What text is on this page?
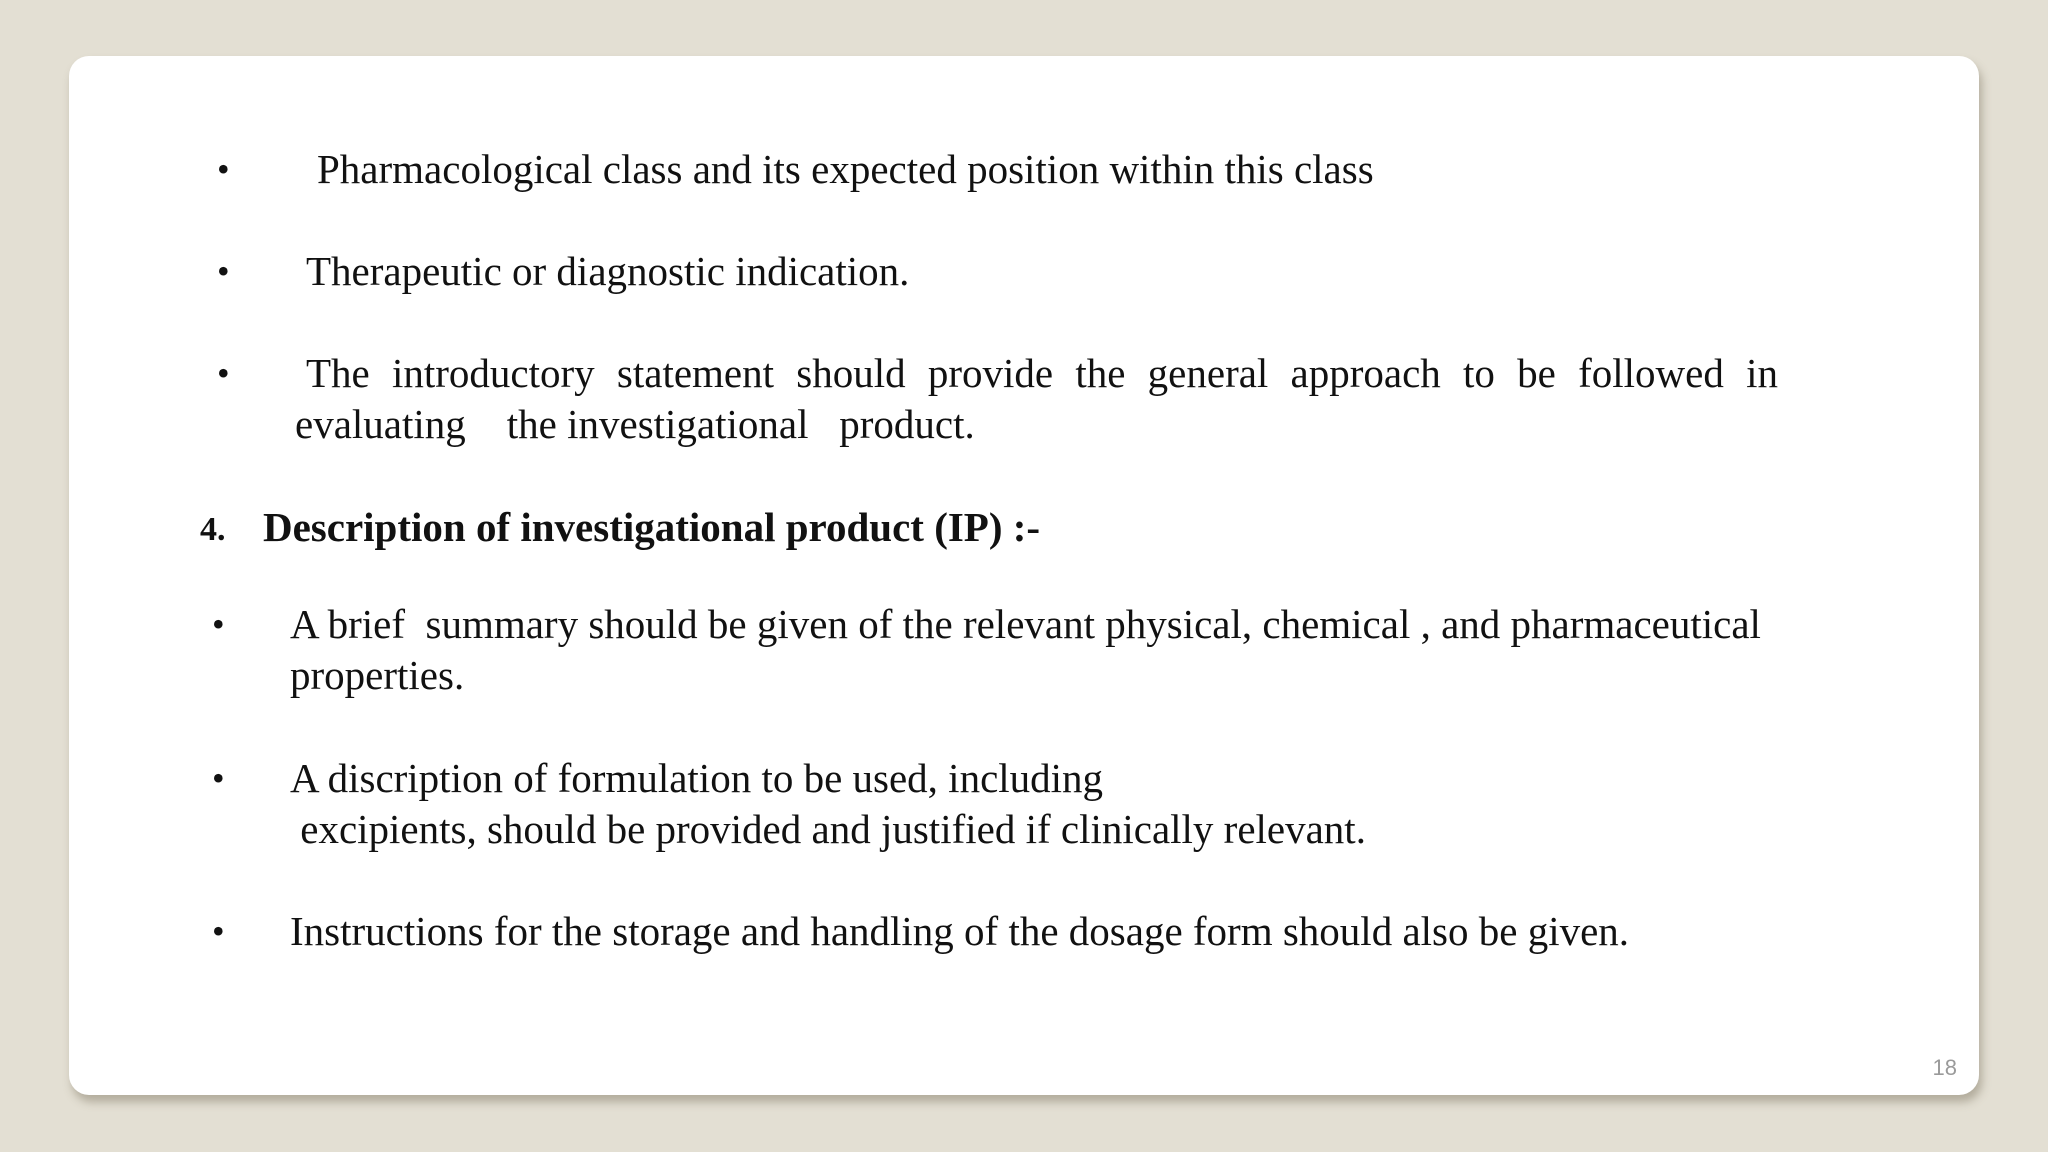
• Pharmacological class and its expected position within this class
• Therapeutic or diagnostic indication.
• The introductory statement should provide the general approach to be followed in
evaluating    the investigational   product.
4. Description of investigational product (IP) :-
• A brief  summary should be given of the relevant physical, chemical , and pharmaceutical
properties.
• A discription of formulation to be used, including
excipients, should be provided and justified if clinically relevant.
• Instructions for the storage and handling of the dosage form should also be given.
18
